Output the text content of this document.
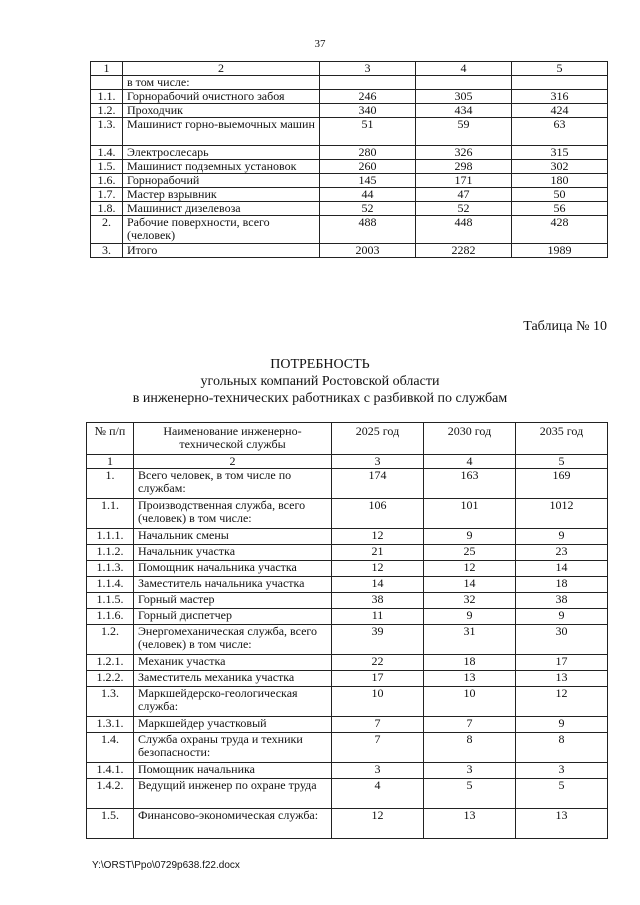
37
1	2	3	4	5
	в том числе:			
1.1.	Горнорабочий очистного забоя	246	305	316
1.2.	Проходчик	340	434	424
1.3.	Машинист горно-выемочных машин	51	59	63
1.4.	Электрослесарь	280	326	315
1.5.	Машинист подземных установок	260	298	302
1.6.	Горнорабочий	145	171	180
1.7.	Мастер взрывник	44	47	50
1.8.	Машинист дизелевоза	52	52	56
2.	Рабочие поверхности, всего (человек)	488	448	428
3.	Итого	2003	2282	1989
Таблица № 10
ПОТРЕБНОСТЬ
угольных компаний Ростовской области
в инженерно-технических работниках с разбивкой по службам
№ п/п	Наименование инженерно-технической службы	2025 год	2030 год	2035 год
1	2	3	4	5
1.	Всего человек, в том числе по службам:	174	163	169
1.1.	Производственная служба, всего (человек) в том числе:	106	101	1012
1.1.1.	Начальник смены	12	9	9
1.1.2.	Начальник участка	21	25	23
1.1.3.	Помощник начальника участка	12	12	14
1.1.4.	Заместитель начальника участка	14	14	18
1.1.5.	Горный мастер	38	32	38
1.1.6.	Горный диспетчер	11	9	9
1.2.	Энергомеханическая служба, всего (человек) в том числе:	39	31	30
1.2.1.	Механик участка	22	18	17
1.2.2.	Заместитель механика участка	17	13	13
1.3.	Маркшейдерско-геологическая служба:	10	10	12
1.3.1.	Маркшейдер участковый	7	7	9
1.4.	Служба охраны труда и техники безопасности:	7	8	8
1.4.1.	Помощник начальника	3	3	3
1.4.2.	Ведущий инженер по охране труда	4	5	5
1.5.	Финансово-экономическая служба:	12	13	13
Y:\ORST\Ppo\0729p638.f22.docx
